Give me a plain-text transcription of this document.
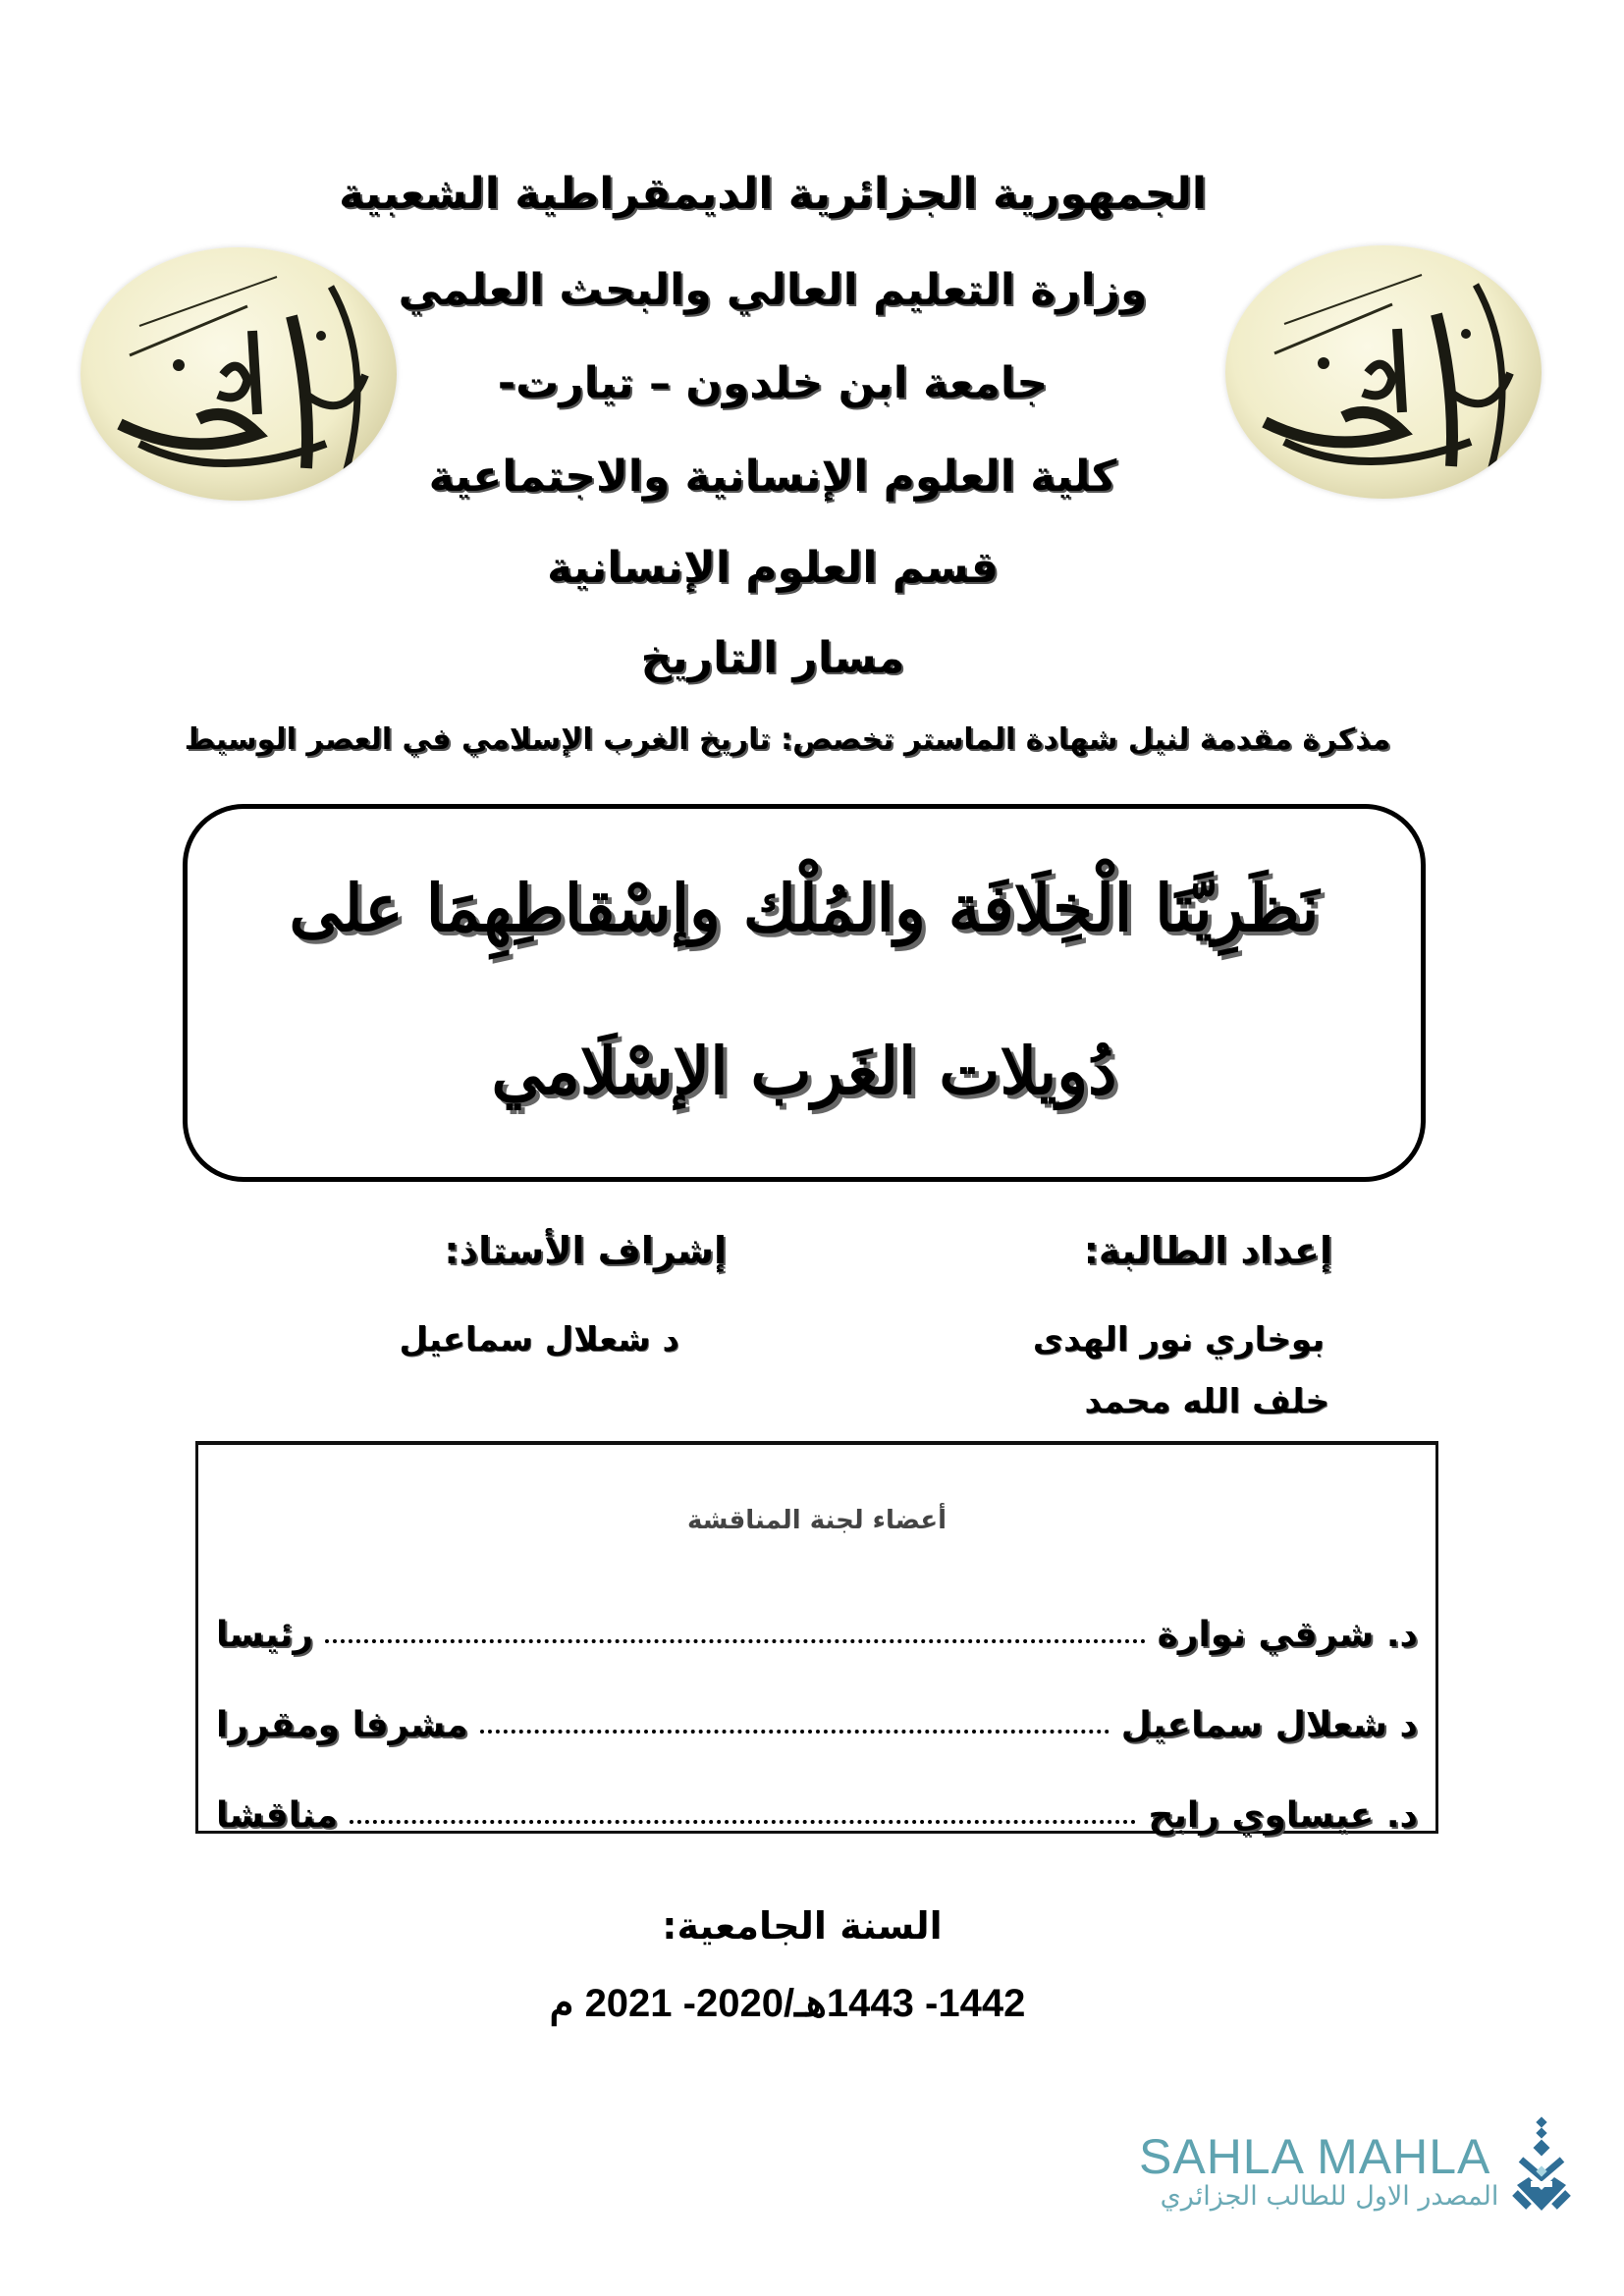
الجمهورية الجزائرية الديمقراطية الشعبية
وزارة التعليم العالي والبحث العلمي
جامعة ابن خلدون – تيارت-
كلية العلوم الإنسانية والاجتماعية
قسم العلوم الإنسانية
مسار التاريخ
مذكرة مقدمة لنيل شهادة الماستر تخصص: تاريخ الغرب الإسلامي في العصر الوسيط
نَظَرِيَّتَا الْخِلَافَة والمُلْك وإسْقاطِهِمَا على
دُويلات الغَرب الإسْلَامي
إعداد الطالبة:
بوخاري نور الهدى
خلف الله محمد
إشراف الأستاذ:
د شعلال سماعيل
أعضاء لجنة المناقشة
د. شرقي نوارة
رئيسا
د شعلال سماعيل
مشرفا ومقررا
د. عيساوي رابح
مناقشا
السنة الجامعية:
1442- 1443هـ/2020- 2021 م
SAHLA MAHLA
المصدر الاول للطالب الجزائري
